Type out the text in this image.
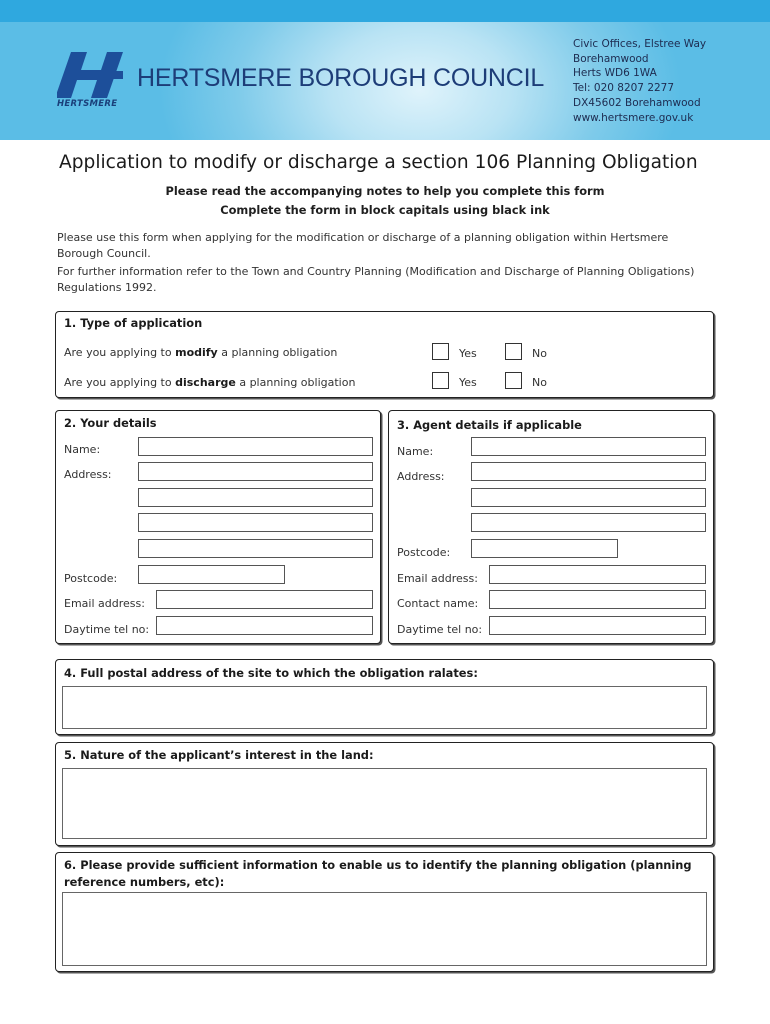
HERTSMERE
HERTSMERE BOROUGH COUNCIL
Civic Offices, Elstree Way
Borehamwood
Herts WD6 1WA
Tel: 020 8207 2277
DX45602 Borehamwood
www.hertsmere.gov.uk
Application to modify or discharge a section 106 Planning Obligation
Please read the accompanying notes to help you complete this form
Complete the form in block capitals using black ink
Please use this form when applying for the modification or discharge of a planning obligation within Hertsmere Borough Council.
For further information refer to the Town and Country Planning (Modification and Discharge of Planning Obligations) Regulations 1992.
1. Type of application
Are you applying to modify a planning obligation	Yes	No
Are you applying to discharge a planning obligation	Yes	No
2. Your details
Name:
Address:
Postcode:
Email address:
Daytime tel no:
3. Agent details if applicable
Name:
Address:
Postcode:
Email address:
Contact name:
Daytime tel no:
4. Full postal address of the site to which the obligation ralates:
5. Nature of the applicant’s interest in the land:
6. Please provide sufficient information to enable us to identify the planning obligation (planning
reference numbers, etc):
